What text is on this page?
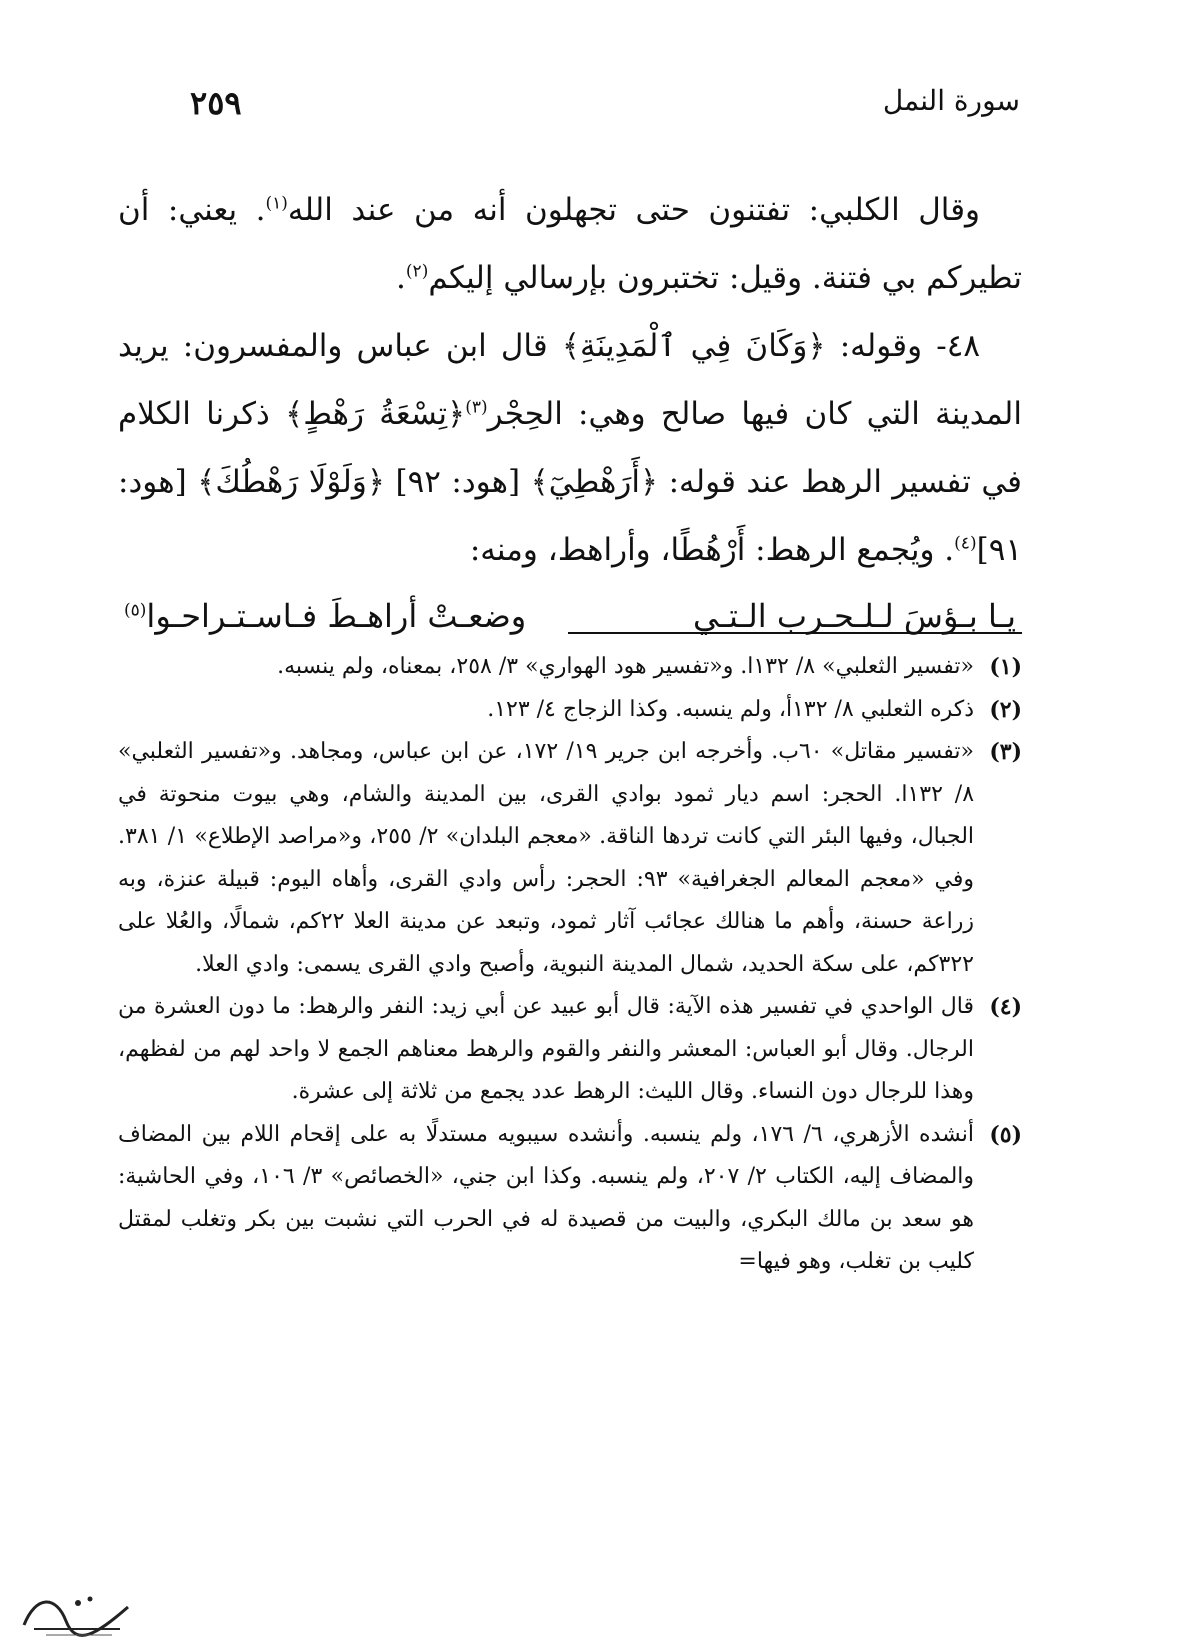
سورة النمل
٢٥٩

وقال الكلبي: تفتنون حتى تجهلون أنه من عند الله$^{(١)}$. يعني: أن تطيركم بي فتنة. وقيل: تختبرون بإرسالي إليكم$^{(٢)}$.

٤٨- وقوله: ﴿وَكَانَ فِي ٱلْمَدِينَةِ﴾ قال ابن عباس والمفسرون: يريد المدينة التي كان فيها صالح وهي: الحِجْر$^{(٣)}$﴿تِسْعَةُ رَهْطٍ﴾ ذكرنا الكلام في تفسير الرهط عند قوله: ﴿أَرَهْطِيٓ﴾ [هود: ٩٢] ﴿وَلَوْلَا رَهْطُكَ﴾ [هود: ٩١]$^{(٤)}$. ويُجمع الرهط: أَرْهُطًا، وأراهط، ومنه:

يـا بـؤسَ لـلـحـرب الـتـي
وضعـتْ أراهـطَ فـاسـتـراحـوا$^{(٥)}$
(١)
«تفسير الثعلبي» ٨/ ١٣٢ا. و«تفسير هود الهواري» ٣/ ٢٥٨، بمعناه، ولم ينسبه.
(٢)
ذكره الثعلبي ٨/ ١٣٢أ، ولم ينسبه. وكذا الزجاج ٤/ ١٢٣.
(٣)
«تفسير مقاتل» ٦٠ب. وأخرجه ابن جرير ١٩/ ١٧٢، عن ابن عباس، ومجاهد. و«تفسير الثعلبي» ٨/ ١٣٢ا. الحجر: اسم ديار ثمود بوادي القرى، بين المدينة والشام، وهي بيوت منحوتة في الجبال، وفيها البئر التي كانت تردها الناقة. «معجم البلدان» ٢/ ٢٥٥، و«مراصد الإطلاع» ١/ ٣٨١. وفي «معجم المعالم الجغرافية» ٩٣: الحجر: رأس وادي القرى، وأهاه اليوم: قبيلة عنزة، وبه زراعة حسنة، وأهم ما هنالك عجائب آثار ثمود، وتبعد عن مدينة العلا ٢٢كم، شمالًا، والعُلا على ٣٢٢كم، على سكة الحديد، شمال المدينة النبوية، وأصبح وادي القرى يسمى: وادي العلا.
(٤)
قال الواحدي في تفسير هذه الآية: قال أبو عبيد عن أبي زيد: النفر والرهط: ما دون العشرة من الرجال. وقال أبو العباس: المعشر والنفر والقوم والرهط معناهم الجمع لا واحد لهم من لفظهم، وهذا للرجال دون النساء. وقال الليث: الرهط عدد يجمع من ثلاثة إلى عشرة.
(٥)
أنشده الأزهري، ٦/ ١٧٦، ولم ينسبه. وأنشده سيبويه مستدلًا به على إقحام اللام بين المضاف والمضاف إليه، الكتاب ٢/ ٢٠٧، ولم ينسبه. وكذا ابن جني، «الخصائص» ٣/ ١٠٦، وفي الحاشية: هو سعد بن مالك البكري، والبيت من قصيدة له في الحرب التي نشبت بين بكر وتغلب لمقتل كليب بن تغلب، وهو فيها=
